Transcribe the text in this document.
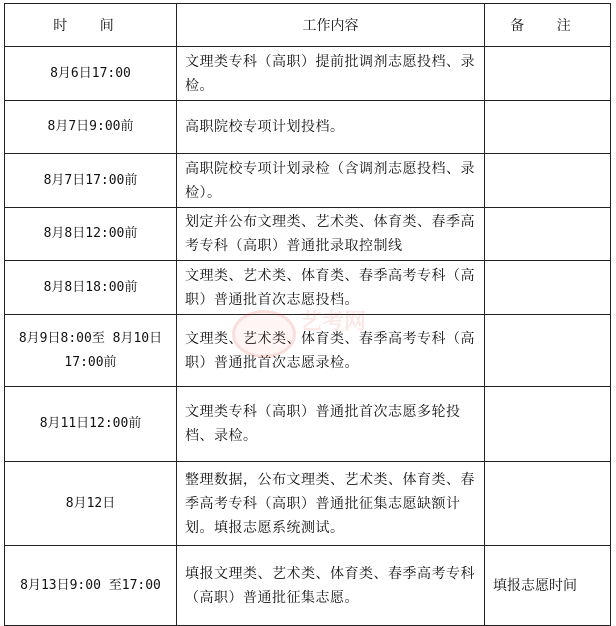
时 间	工作内容	备 注
8月6日17:00	文理类专科（高职）提前批调剂志愿投档、录检。	
8月7日9:00前	高职院校专项计划投档。	
8月7日17:00前	高职院校专项计划录检（含调剂志愿投档、录检）。	
8月8日12:00前	划定并公布文理类、艺术类、体育类、春季高考专科（高职）普通批录取控制线	
8月8日18:00前	文理类、艺术类、体育类、春季高考专科（高职）普通批首次志愿投档。	
8月9日8:00至 8月10日17:00前	文理类、艺术类、体育类、春季高考专科（高职）普通批首次志愿录检。	
8月11日12:00前	文理类专科（高职）普通批首次志愿多轮投档、录检。	
8月12日	整理数据，公布文理类、艺术类、体育类、春季高考专科（高职）普通批征集志愿缺额计划。填报志愿系统测试。	
8月13日9:00 至17:00	填报文理类、艺术类、体育类、春季高考专科（高职）普通批征集志愿。	填报志愿时间
艺考网
